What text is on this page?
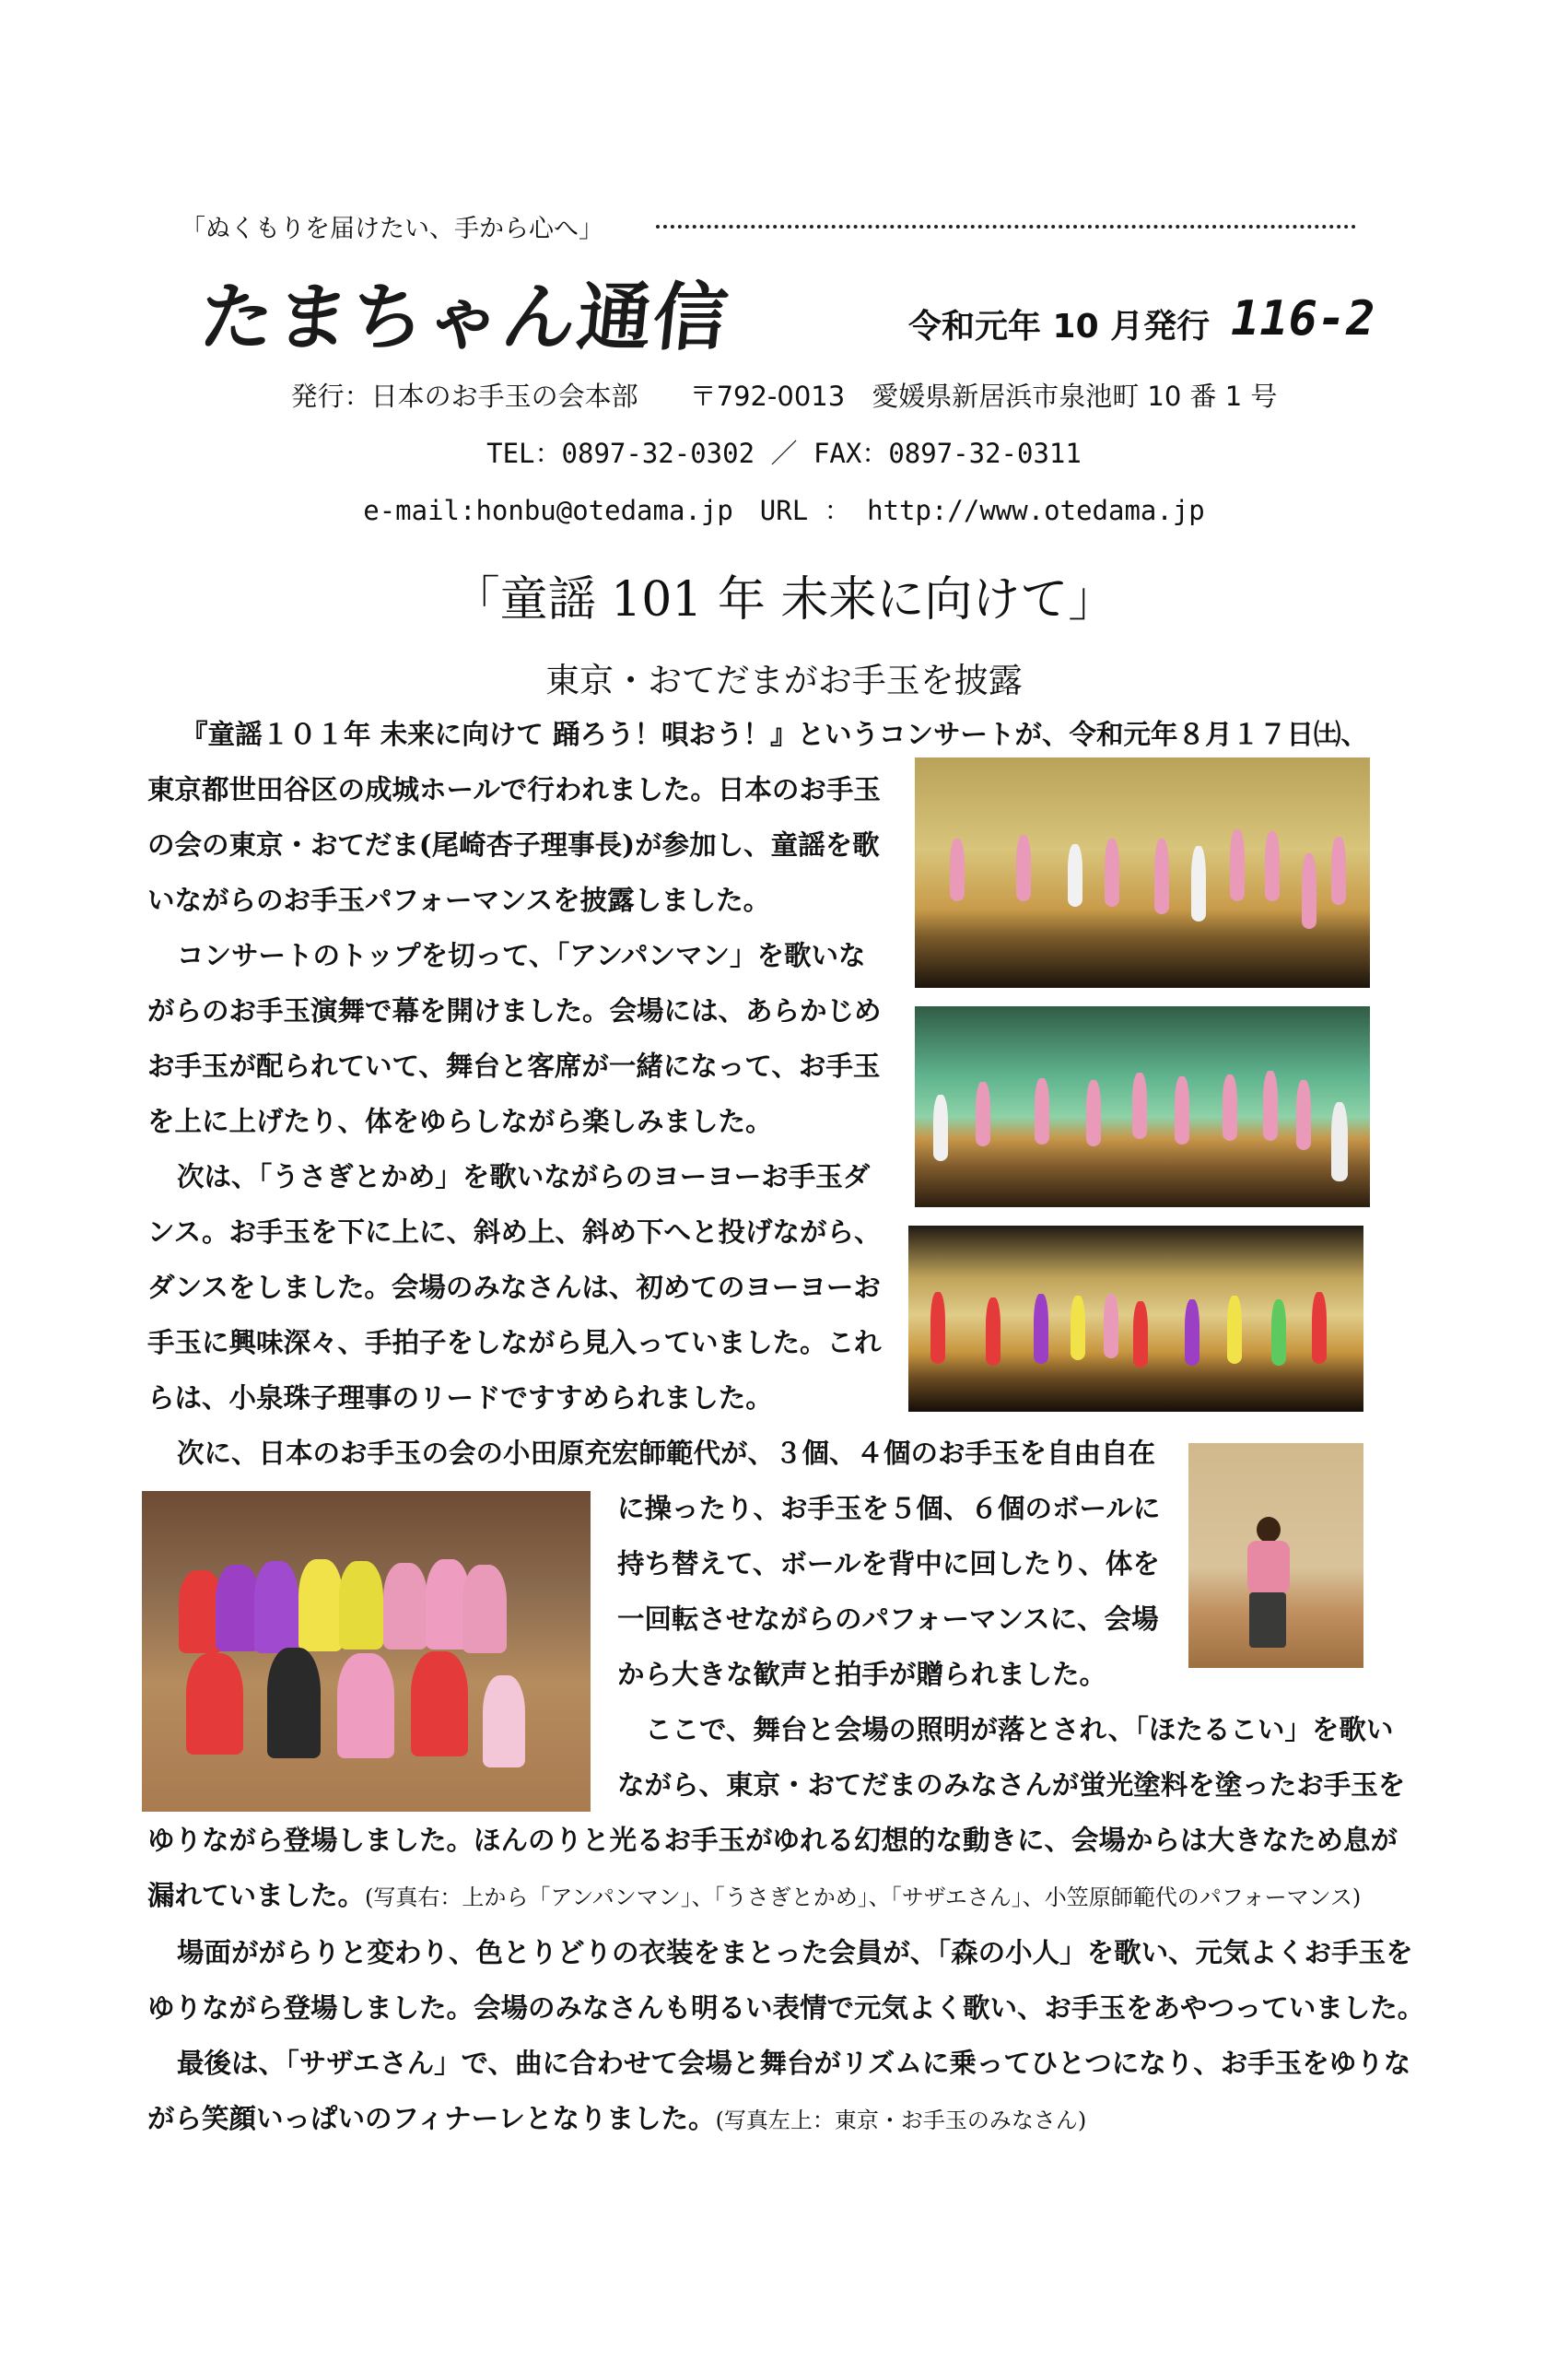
「ぬくもりを届けたい、手から心へ」
たまちゃん通信	令和元年 10 月発行 116-2
発行：日本のお手玉の会本部 〒792-0013　愛媛県新居浜市泉池町 10 番 1 号
TEL：0897-32-0302 ／ FAX：0897-32-0311
e-mail:honbu@otedama.jp　URL ： http://www.otedama.jp
「童謡 101 年 未来に向けて」
東京・おてだまがお手玉を披露
『童謡１０１年 未来に向けて 踊ろう！唄おう！』というコンサートが、令和元年８月１７日㈯、
東京都世田谷区の成城ホールで行われました。日本のお手玉
の会の東京・おてだま(尾崎杏子理事長)が参加し、童謡を歌
いながらのお手玉パフォーマンスを披露しました。
コンサートのトップを切って、「アンパンマン」を歌いな
がらのお手玉演舞で幕を開けました。会場には、あらかじめ
お手玉が配られていて、舞台と客席が一緒になって、お手玉
を上に上げたり、体をゆらしながら楽しみました。
次は、「うさぎとかめ」を歌いながらのヨーヨーお手玉ダ
ンス。お手玉を下に上に、斜め上、斜め下へと投げながら、
ダンスをしました。会場のみなさんは、初めてのヨーヨーお
手玉に興味深々、手拍子をしながら見入っていました。これ
らは、小泉珠子理事のリードですすめられました。
次に、日本のお手玉の会の小田原充宏師範代が、３個、４個のお手玉を自由自在
に操ったり、お手玉を５個、６個のボールに
持ち替えて、ボールを背中に回したり、体を
一回転させながらのパフォーマンスに、会場
から大きな歓声と拍手が贈られました。
ここで、舞台と会場の照明が落とされ、「ほたるこい」を歌い
ながら、東京・おてだまのみなさんが蛍光塗料を塗ったお手玉を
ゆりながら登場しました。ほんのりと光るお手玉がゆれる幻想的な動きに、会場からは大きなため息が
漏れていました。(写真右：上から「アンパンマン」、「うさぎとかめ」、「サザエさん」、小笠原師範代のパフォーマンス)
場面ががらりと変わり、色とりどりの衣装をまとった会員が、「森の小人」を歌い、元気よくお手玉を
ゆりながら登場しました。会場のみなさんも明るい表情で元気よく歌い、お手玉をあやつっていました。
最後は、「サザエさん」で、曲に合わせて会場と舞台がリズムに乗ってひとつになり、お手玉をゆりな
がら笑顔いっぱいのフィナーレとなりました。(写真左上：東京・お手玉のみなさん)
